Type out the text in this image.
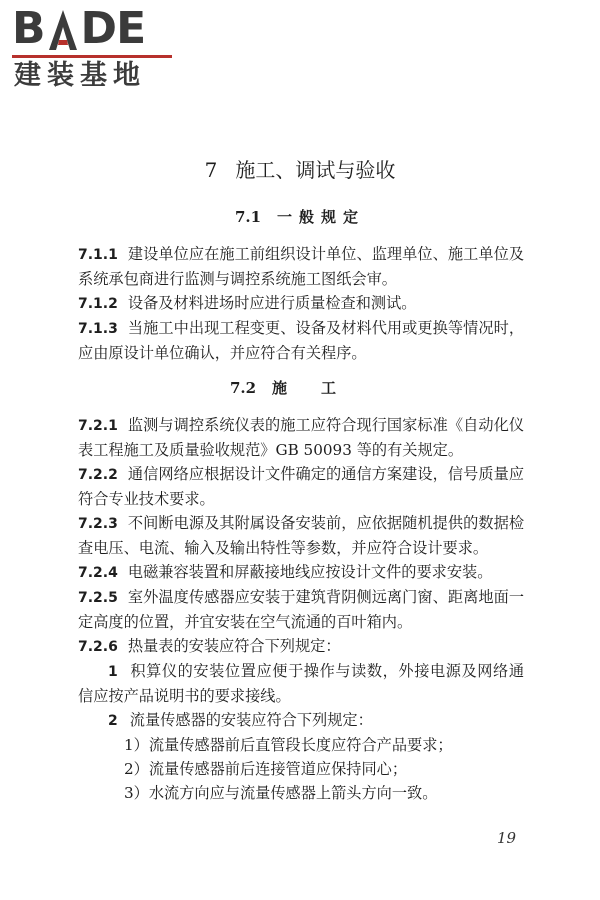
B DE
建装基地
7 施工、调试与验收
7.1 一般规定

7.1.1 建设单位应在施工前组织设计单位、监理单位、施工单位及系统承包商进行监测与调控系统施工图纸会审。

7.1.2 设备及材料进场时应进行质量检查和测试。

7.1.3 当施工中出现工程变更、设备及材料代用或更换等情况时，应由原设计单位确认，并应符合有关程序。

7.2 施工

7.2.1 监测与调控系统仪表的施工应符合现行国家标准《自动化仪表工程施工及质量验收规范》GB 50093 等的有关规定。

7.2.2 通信网络应根据设计文件确定的通信方案建设，信号质量应符合专业技术要求。

7.2.3 不间断电源及其附属设备安装前，应依据随机提供的数据检查电压、电流、输入及输出特性等参数，并应符合设计要求。

7.2.4 电磁兼容装置和屏蔽接地线应按设计文件的要求安装。

7.2.5 室外温度传感器应安装于建筑背阴侧远离门窗、距离地面一定高度的位置，并宜安装在空气流通的百叶箱内。

7.2.6 热量表的安装应符合下列规定：

1 积算仪的安装位置应便于操作与读数，外接电源及网络通信应按产品说明书的要求接线。

2 流量传感器的安装应符合下列规定：

1）流量传感器前后直管段长度应符合产品要求；

2）流量传感器前后连接管道应保持同心；

3）水流方向应与流量传感器上箭头方向一致。

19
